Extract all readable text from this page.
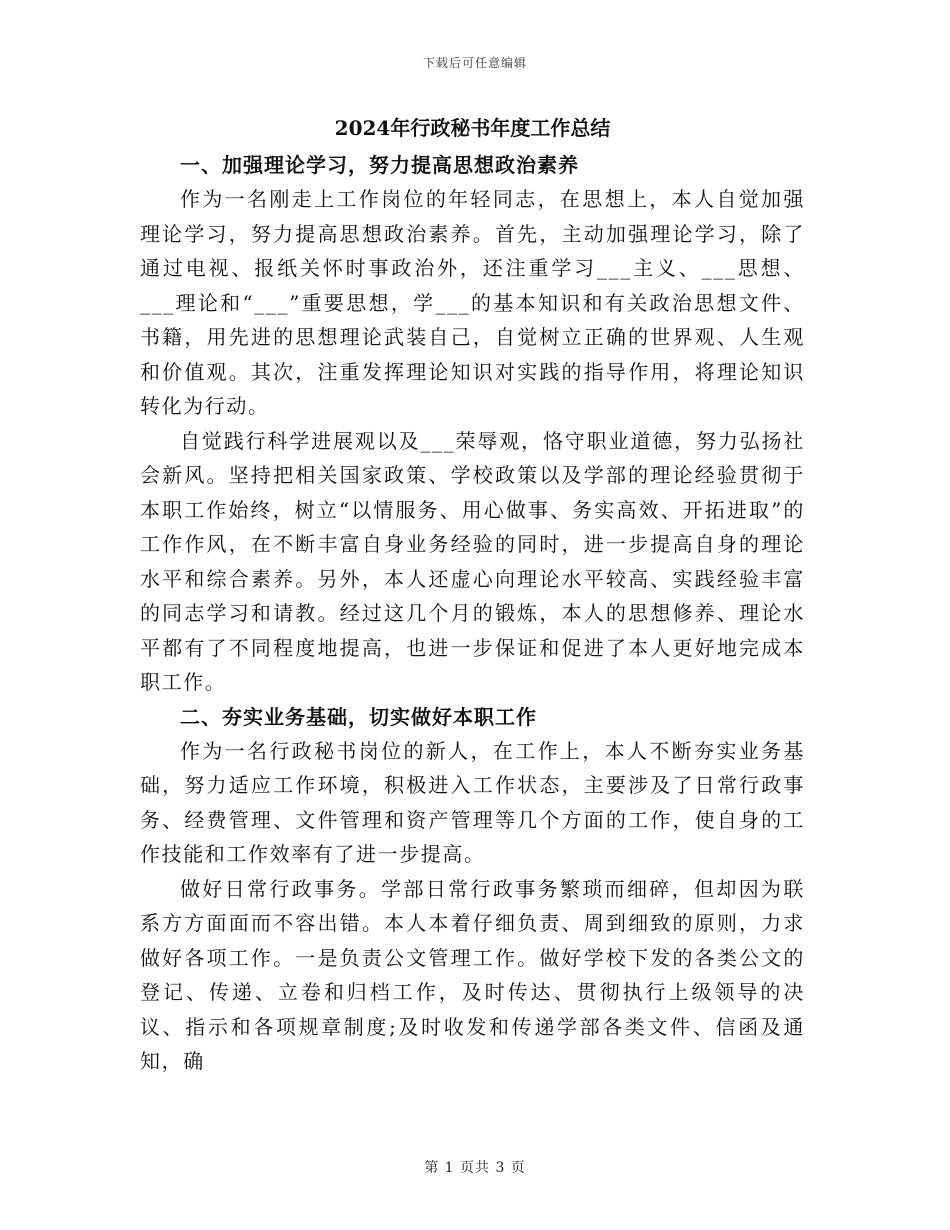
下载后可任意编辑
2024年行政秘书年度工作总结

一、加强理论学习，努力提高思想政治素养

作为一名刚走上工作岗位的年轻同志，在思想上，本人自觉加强理论学习，努力提高思想政治素养。首先，主动加强理论学习，除了通过电视、报纸关怀时事政治外，还注重学习___主义、___思想、___理论和“___”重要思想，学___的基本知识和有关政治思想文件、书籍，用先进的思想理论武装自己，自觉树立正确的世界观、人生观和价值观。其次，注重发挥理论知识对实践的指导作用，将理论知识转化为行动。

自觉践行科学进展观以及___荣辱观，恪守职业道德，努力弘扬社会新风。坚持把相关国家政策、学校政策以及学部的理论经验贯彻于本职工作始终，树立“以情服务、用心做事、务实高效、开拓进取”的工作作风，在不断丰富自身业务经验的同时，进一步提高自身的理论水平和综合素养。另外，本人还虚心向理论水平较高、实践经验丰富的同志学习和请教。经过这几个月的锻炼，本人的思想修养、理论水平都有了不同程度地提高，也进一步保证和促进了本人更好地完成本职工作。

二、夯实业务基础，切实做好本职工作

作为一名行政秘书岗位的新人，在工作上，本人不断夯实业务基础，努力适应工作环境，积极进入工作状态，主要涉及了日常行政事务、经费管理、文件管理和资产管理等几个方面的工作，使自身的工作技能和工作效率有了进一步提高。

做好日常行政事务。学部日常行政事务繁琐而细碎，但却因为联系方方面面而不容出错。本人本着仔细负责、周到细致的原则，力求做好各项工作。一是负责公文管理工作。做好学校下发的各类公文的登记、传递、立卷和归档工作，及时传达、贯彻执行上级领导的决议、指示和各项规章制度;及时收发和传递学部各类文件、信函及通知，确

第 1 页共 3 页
